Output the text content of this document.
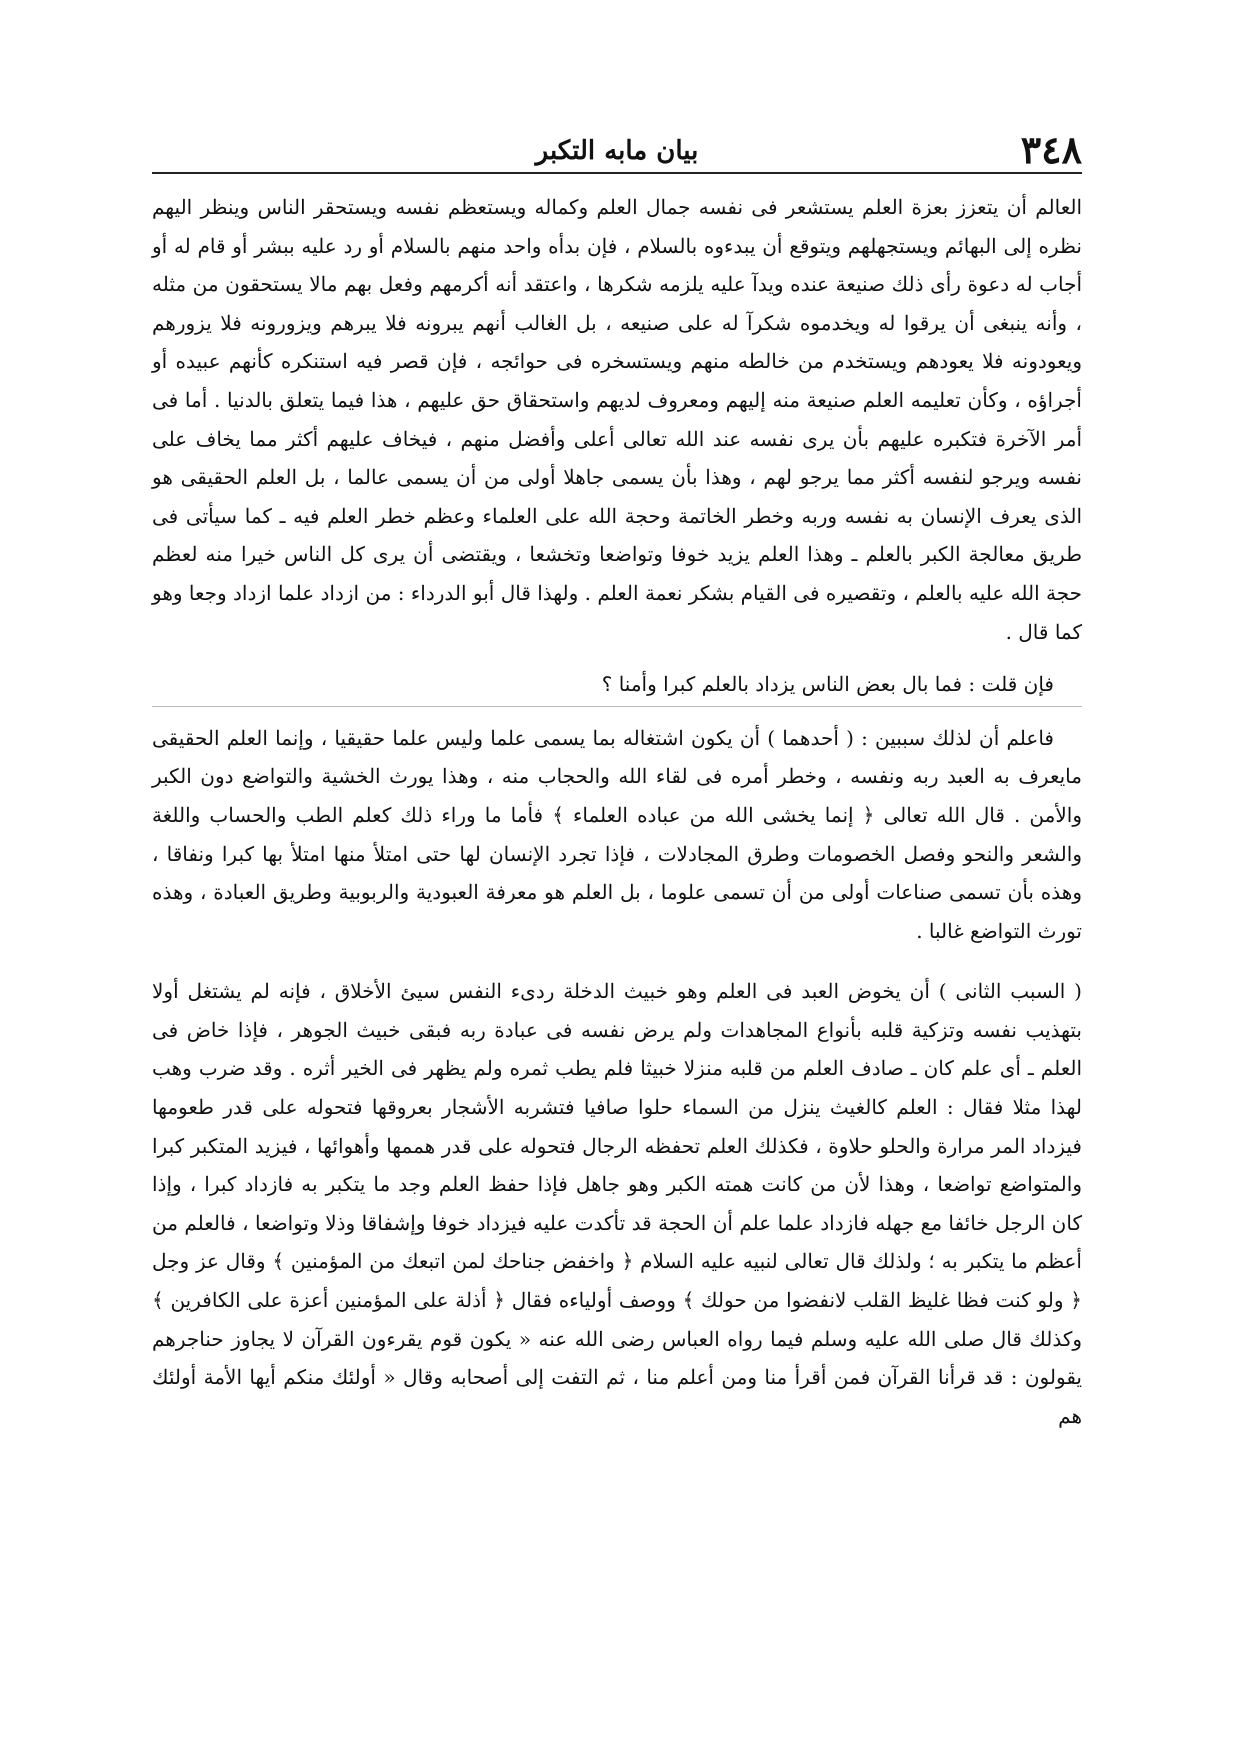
٣٤٨
بيان مابه التكبر

العالم أن يتعزز بعزة العلم يستشعر فى نفسه جمال العلم وكماله ويستعظم نفسه ويستحقر الناس وينظر اليهم نظره إلى البهائم ويستجهلهم ويتوقع أن يبدءوه بالسلام ، فإن بدأه واحد منهم بالسلام أو رد عليه ببشر أو قام له أو أجاب له دعوة رأى ذلك صنيعة عنده ويدآ عليه يلزمه شكرها ، واعتقد أنه أكرمهم وفعل بهم مالا يستحقون من مثله ، وأنه ينبغى أن يرقوا له ويخدموه شكرآ له على صنيعه ، بل الغالب أنهم يبرونه فلا يبرهم ويزورونه فلا يزورهم ويعودونه فلا يعودهم ويستخدم من خالطه منهم ويستسخره فى حوائجه ، فإن قصر فيه استنكره كأنهم عبيده أو أجراؤه ، وكأن تعليمه العلم صنيعة منه إليهم ومعروف لديهم واستحقاق حق عليهم ، هذا فيما يتعلق بالدنيا . أما فى أمر الآخرة فتكبره عليهم بأن يرى نفسه عند الله تعالى أعلى وأفضل منهم ، فيخاف عليهم أكثر مما يخاف على نفسه ويرجو لنفسه أكثر مما يرجو لهم ، وهذا بأن يسمى جاهلا أولى من أن يسمى عالما ، بل العلم الحقيقى هو الذى يعرف الإنسان به نفسه وربه وخطر الخاتمة وحجة الله على العلماء وعظم خطر العلم فيه ـ كما سيأتى فى طريق معالجة الكبر بالعلم ـ وهذا العلم يزيد خوفا وتواضعا وتخشعا ، ويقتضى أن يرى كل الناس خيرا منه لعظم حجة الله عليه بالعلم ، وتقصيره فى القيام بشكر نعمة العلم . ولهذا قال أبو الدرداء : من ازداد علما ازداد وجعا وهو كما قال .

فإن قلت : فما بال بعض الناس يزداد بالعلم كبرا وأمنا ؟

فاعلم أن لذلك سببين : ( أحدهما ) أن يكون اشتغاله بما يسمى علما وليس علما حقيقيا ، وإنما العلم الحقيقى مايعرف به العبد ربه ونفسه ، وخطر أمره فى لقاء الله والحجاب منه ، وهذا يورث الخشية والتواضع دون الكبر والأمن . قال الله تعالى ﴿ إنما يخشى الله من عباده العلماء ﴾ فأما ما وراء ذلك كعلم الطب والحساب واللغة والشعر والنحو وفصل الخصومات وطرق المجادلات ، فإذا تجرد الإنسان لها حتى امتلأ منها امتلأ بها كبرا ونفاقا ، وهذه بأن تسمى صناعات أولى من أن تسمى علوما ، بل العلم هو معرفة العبودية والربوبية وطريق العبادة ، وهذه تورث التواضع غالبا .

( السبب الثانى ) أن يخوض العبد فى العلم وهو خبيث الدخلة ردىء النفس سيئ الأخلاق ، فإنه لم يشتغل أولا بتهذيب نفسه وتزكية قلبه بأنواع المجاهدات ولم يرض نفسه فى عبادة ربه فبقى خبيث الجوهر ، فإذا خاض فى العلم ـ أى علم كان ـ صادف العلم من قلبه منزلا خبيثا فلم يطب ثمره ولم يظهر فى الخير أثره . وقد ضرب وهب لهذا مثلا فقال : العلم كالغيث ينزل من السماء حلوا صافيا فتشربه الأشجار بعروقها فتحوله على قدر طعومها فيزداد المر مرارة والحلو حلاوة ، فكذلك العلم تحفظه الرجال فتحوله على قدر هممها وأهوائها ، فيزيد المتكبر كبرا والمتواضع تواضعا ، وهذا لأن من كانت همته الكبر وهو جاهل فإذا حفظ العلم وجد ما يتكبر به فازداد كبرا ، وإذا كان الرجل خائفا مع جهله فازداد علما علم أن الحجة قد تأكدت عليه فيزداد خوفا وإشفاقا وذلا وتواضعا ، فالعلم من أعظم ما يتكبر به ؛ ولذلك قال تعالى لنبيه عليه السلام ﴿ واخفض جناحك لمن اتبعك من المؤمنين ﴾ وقال عز وجل ﴿ ولو كنت فظا غليظ القلب لانفضوا من حولك ﴾ ووصف أولياءه فقال ﴿ أذلة على المؤمنين أعزة على الكافرين ﴾ وكذلك قال صلى الله عليه وسلم فيما رواه العباس رضى الله عنه « يكون قوم يقرءون القرآن لا يجاوز حناجرهم يقولون : قد قرأنا القرآن فمن أقرأ منا ومن أعلم منا ، ثم التفت إلى أصحابه وقال « أولئك منكم أيها الأمة أولئك هم
